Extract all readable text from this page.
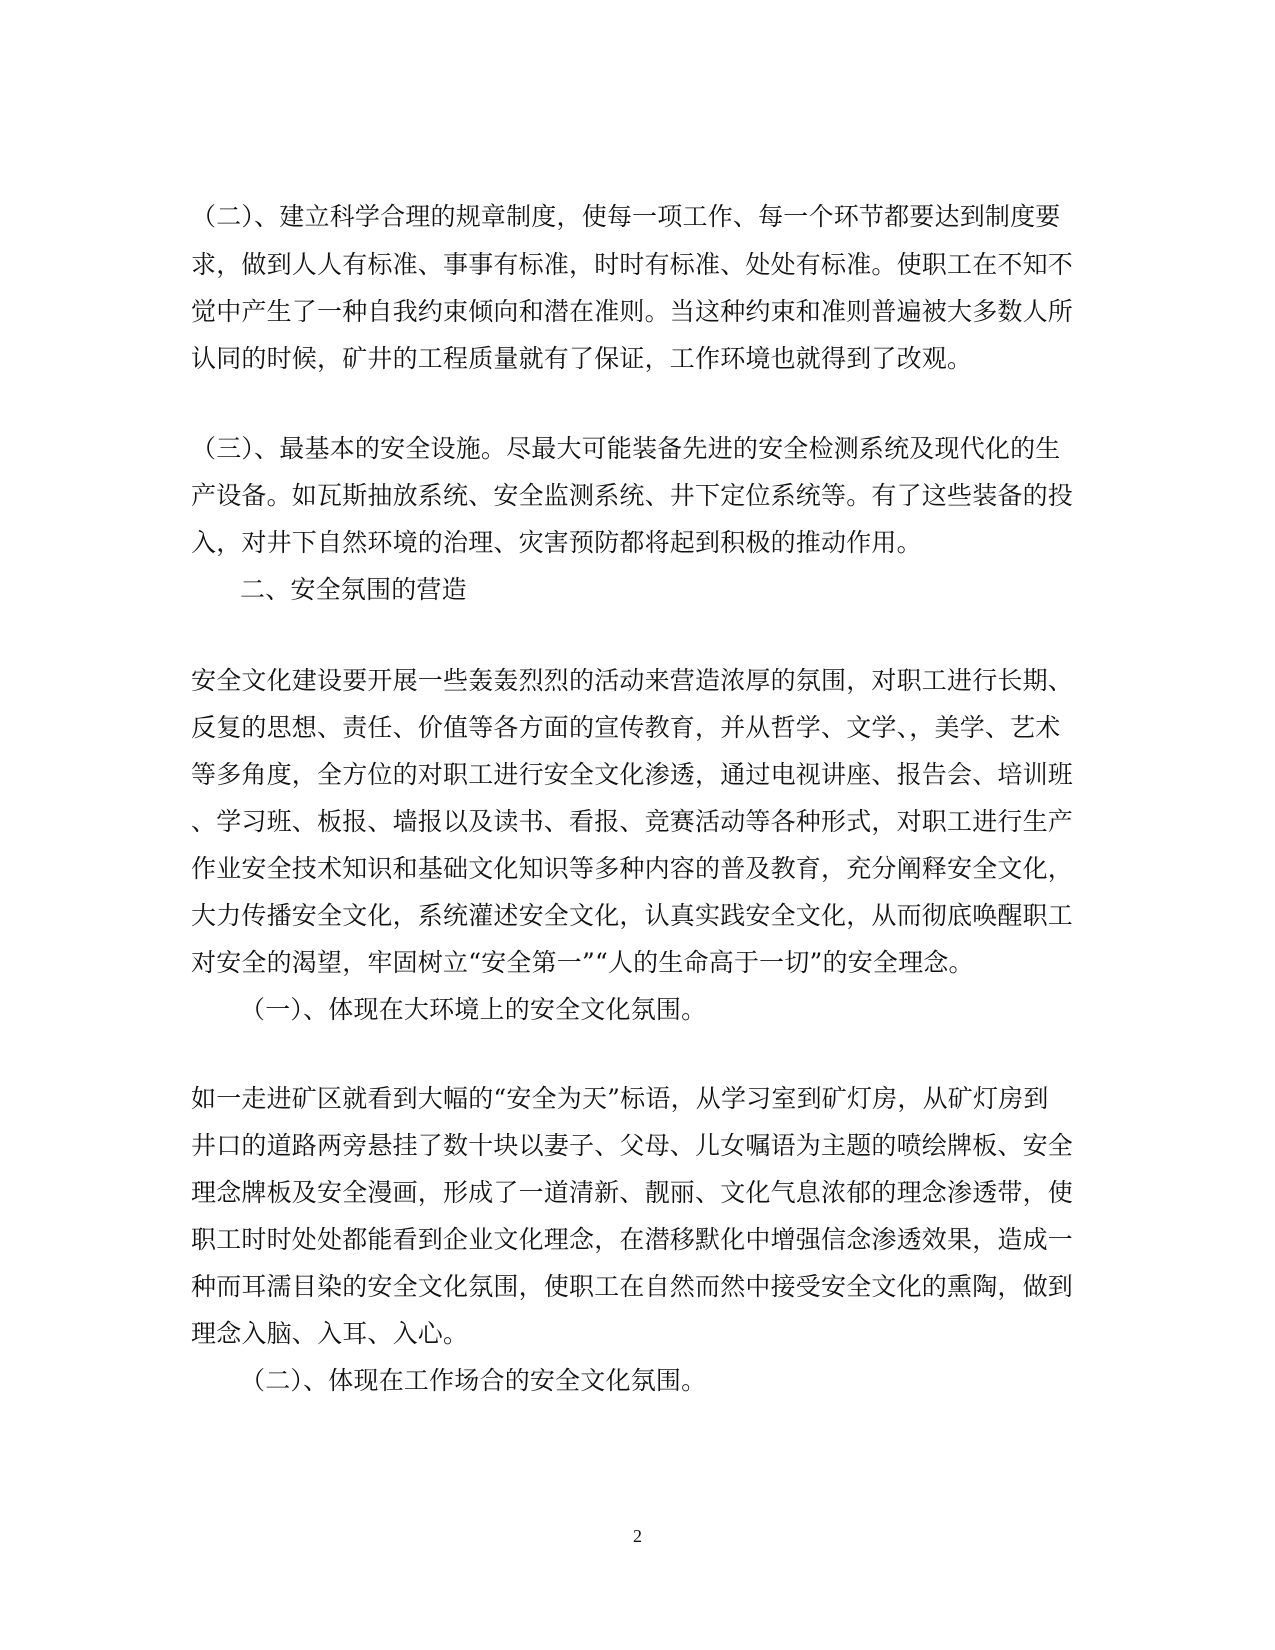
（二）、建立科学合理的规章制度，使每一项工作、每一个环节都要达到制度要
求，做到人人有标准、事事有标准，时时有标准、处处有标准。使职工在不知不
觉中产生了一种自我约束倾向和潜在准则。当这种约束和准则普遍被大多数人所
认同的时候，矿井的工程质量就有了保证，工作环境也就得到了改观。
（三）、最基本的安全设施。尽最大可能装备先进的安全检测系统及现代化的生
产设备。如瓦斯抽放系统、安全监测系统、井下定位系统等。有了这些装备的投
入，对井下自然环境的治理、灾害预防都将起到积极的推动作用。
二、安全氛围的营造
安全文化建设要开展一些轰轰烈烈的活动来营造浓厚的氛围，对职工进行长期、
反复的思想、责任、价值等各方面的宣传教育，并从哲学、文学、，美学、艺术
等多角度，全方位的对职工进行安全文化渗透，通过电视讲座、报告会、培训班
、学习班、板报、墙报以及读书、看报、竞赛活动等各种形式，对职工进行生产
作业安全技术知识和基础文化知识等多种内容的普及教育，充分阐释安全文化，
大力传播安全文化，系统灌述安全文化，认真实践安全文化，从而彻底唤醒职工
对安全的渴望，牢固树立“安全第一”“人的生命高于一切”的安全理念。
（一）、体现在大环境上的安全文化氛围。
如一走进矿区就看到大幅的“安全为天”标语，从学习室到矿灯房，从矿灯房到
井口的道路两旁悬挂了数十块以妻子、父母、儿女嘱语为主题的喷绘牌板、安全
理念牌板及安全漫画，形成了一道清新、靓丽、文化气息浓郁的理念渗透带，使
职工时时处处都能看到企业文化理念，在潜移默化中增强信念渗透效果，造成一
种而耳濡目染的安全文化氛围，使职工在自然而然中接受安全文化的熏陶，做到
理念入脑、入耳、入心。
（二）、体现在工作场合的安全文化氛围。
2
